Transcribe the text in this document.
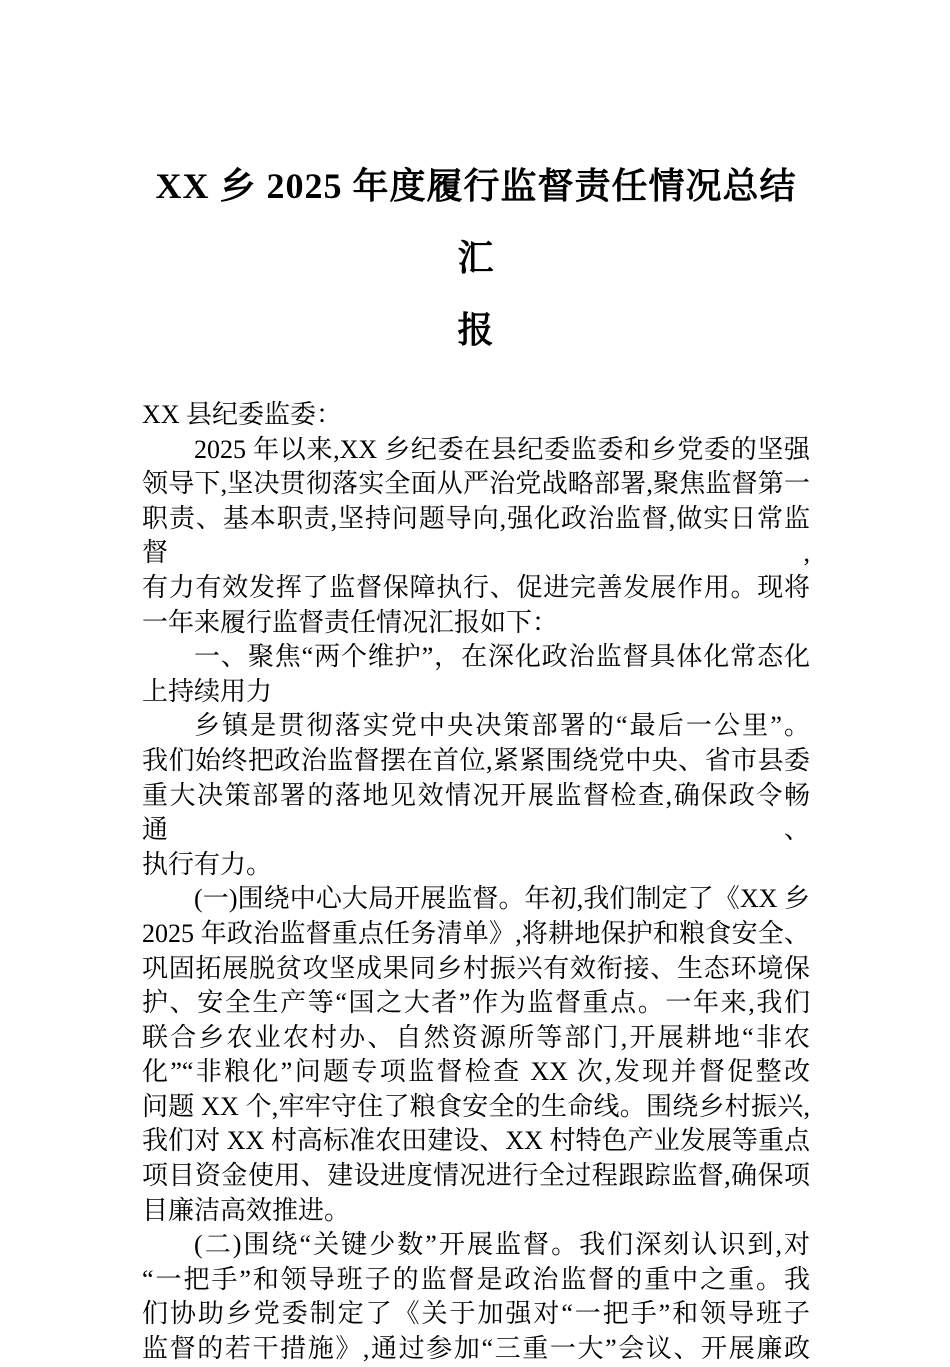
XX 乡 2025 年度履行监督责任情况总结汇
报
XX 县纪委监委：
2025 年以来,XX 乡纪委在县纪委监委和乡党委的坚强
领导下,坚决贯彻落实全面从严治党战略部署,聚焦监督第一
职责、基本职责,坚持问题导向,强化政治监督,做实日常监督,
有力有效发挥了监督保障执行、促进完善发展作用。现将
一年来履行监督责任情况汇报如下：
一、聚焦“两个维护”，在深化政治监督具体化常态化
上持续用力
乡镇是贯彻落实党中央决策部署的“最后一公里”。
我们始终把政治监督摆在首位,紧紧围绕党中央、省市县委
重大决策部署的落地见效情况开展监督检查,确保政令畅通、
执行有力。
(一)围绕中心大局开展监督。年初,我们制定了《XX 乡
2025 年政治监督重点任务清单》,将耕地保护和粮食安全、
巩固拓展脱贫攻坚成果同乡村振兴有效衔接、生态环境保
护、安全生产等“国之大者”作为监督重点。一年来,我们
联合乡农业农村办、自然资源所等部门,开展耕地“非农
化”“非粮化”问题专项监督检查 XX 次,发现并督促整改
问题 XX 个,牢牢守住了粮食安全的生命线。围绕乡村振兴,
我们对 XX 村高标准农田建设、XX 村特色产业发展等重点
项目资金使用、建设进度情况进行全过程跟踪监督,确保项
目廉洁高效推进。
(二)围绕“关键少数”开展监督。我们深刻认识到,对
“一把手”和领导班子的监督是政治监督的重中之重。我
们协助乡党委制定了《关于加强对“一把手”和领导班子
监督的若干措施》,通过参加“三重一大”会议、开展廉政
